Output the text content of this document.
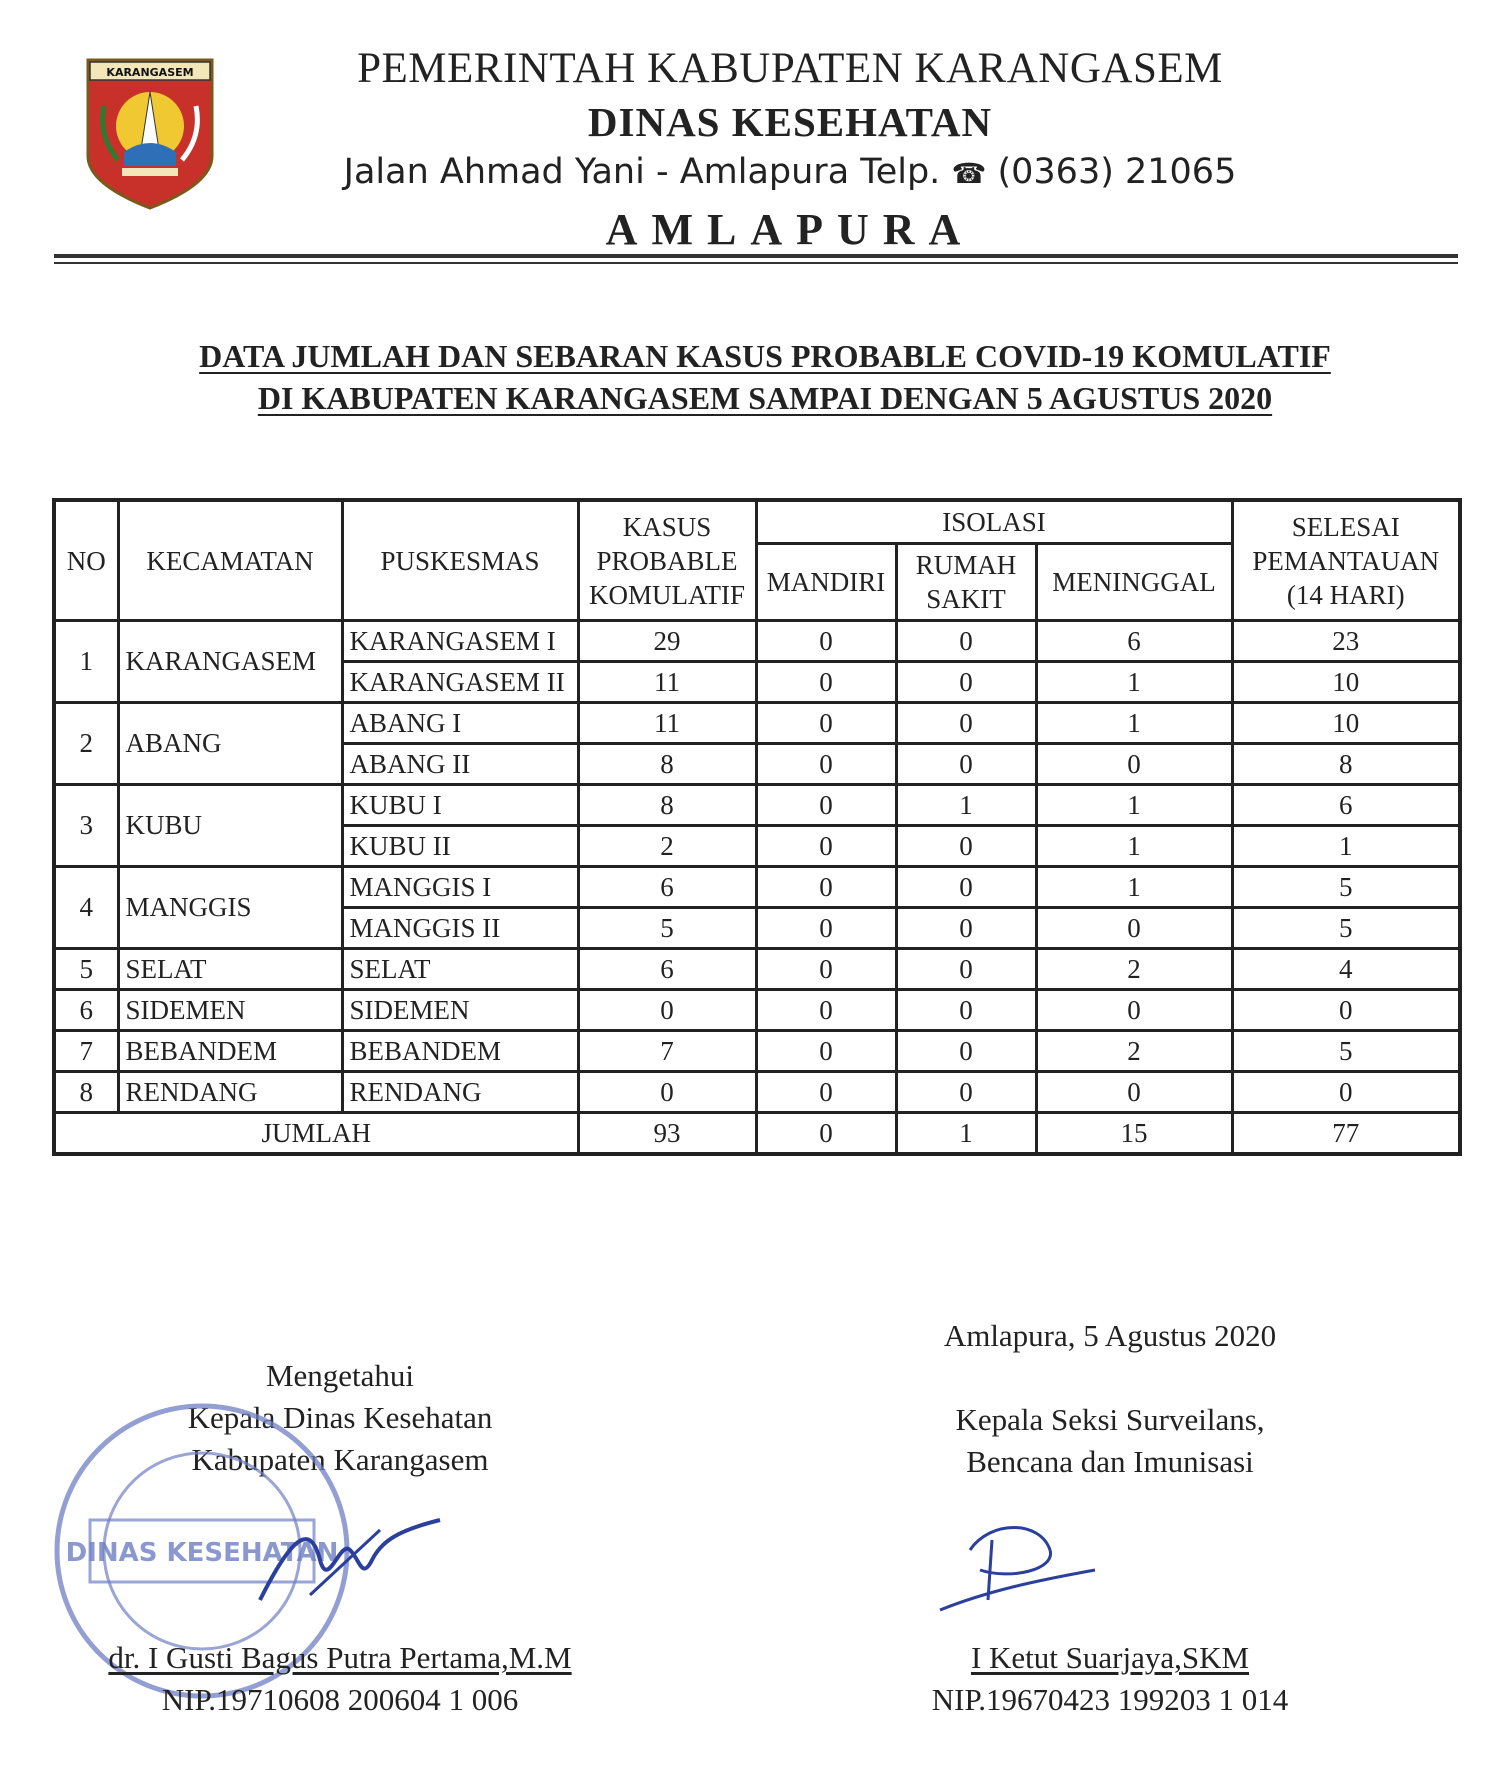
KARANGASEM	PEMERINTAH KABUPATEN KARANGASEM
DINAS KESEHATAN
Jalan Ahmad Yani - Amlapura Telp. ☎ (0363) 21065
AMLAPURA
DATA JUMLAH DAN SEBARAN KASUS PROBABLE COVID-19 KOMULATIF
DI KABUPATEN KARANGASEM SAMPAI DENGAN 5 AGUSTUS 2020
NO	KECAMATAN	PUSKESMAS	KASUS PROBABLE KOMULATIF	ISOLASI			SELESAI PEMANTAUAN (14 HARI)
				MANDIRI	RUMAH SAKIT	MENINGGAL	
1	KARANGASEM	KARANGASEM I	29	0	0	6	23
		KARANGASEM II	11	0	0	1	10
2	ABANG	ABANG I	11	0	0	1	10
		ABANG II	8	0	0	0	8
3	KUBU	KUBU I	8	0	1	1	6
		KUBU II	2	0	0	1	1
4	MANGGIS	MANGGIS I	6	0	0	1	5
		MANGGIS II	5	0	0	0	5
5	SELAT	SELAT	6	0	0	2	4
6	SIDEMEN	SIDEMEN	0	0	0	0	0
7	BEBANDEM	BEBANDEM	7	0	0	2	5
8	RENDANG	RENDANG	0	0	0	0	0
JUMLAH			93	0	1	15	77
Mengetahui
Kepala Dinas Kesehatan
Kabupaten Karangasem
DINAS KESEHATAN
dr. I Gusti Bagus Putra Pertama,M.M
NIP.19710608 200604 1 006
Amlapura, 5 Agustus 2020
Kepala Seksi Surveilans,
Bencana dan Imunisasi
I Ketut Suarjaya,SKM
NIP.19670423 199203 1 014
